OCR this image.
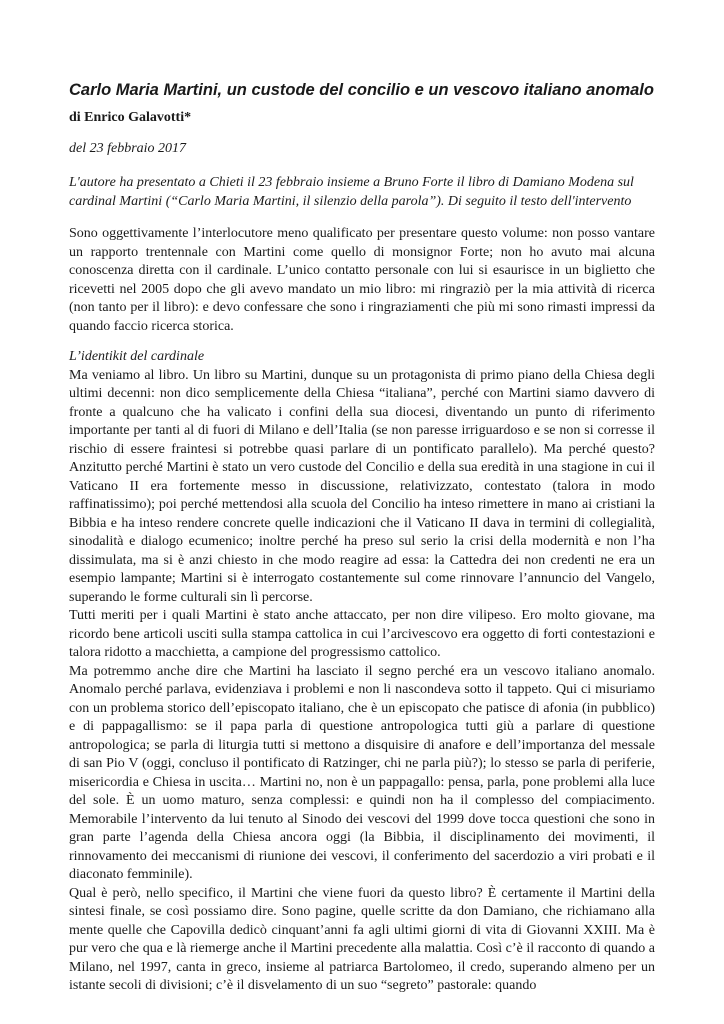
Carlo Maria Martini, un custode del concilio e un vescovo italiano anomalo
di Enrico Galavotti*
del 23 febbraio 2017

L'autore ha presentato a Chieti il 23 febbraio insieme a Bruno Forte il libro di Damiano Modena sul cardinal Martini (“Carlo Maria Martini, il silenzio della parola”). Di seguito il testo dell'intervento

Sono oggettivamente l’interlocutore meno qualificato per presentare questo volume: non posso vantare un rapporto trentennale con Martini come quello di monsignor Forte; non ho avuto mai alcuna conoscenza diretta con il cardinale. L’unico contatto personale con lui si esaurisce in un biglietto che ricevetti nel 2005 dopo che gli avevo mandato un mio libro: mi ringraziò per la mia attività di ricerca (non tanto per il libro): e devo confessare che sono i ringraziamenti che più mi sono rimasti impressi da quando faccio ricerca storica.

L’identikit del cardinale

Ma veniamo al libro. Un libro su Martini, dunque su un protagonista di primo piano della Chiesa degli ultimi decenni: non dico semplicemente della Chiesa “italiana”, perché con Martini siamo davvero di fronte a qualcuno che ha valicato i confini della sua diocesi, diventando un punto di riferimento importante per tanti al di fuori di Milano e dell’Italia (se non paresse irriguardoso e se non si corresse il rischio di essere fraintesi si potrebbe quasi parlare di un pontificato parallelo). Ma perché questo? Anzitutto perché Martini è stato un vero custode del Concilio e della sua eredità in una stagione in cui il Vaticano II era fortemente messo in discussione, relativizzato, contestato (talora in modo raffinatissimo); poi perché mettendosi alla scuola del Concilio ha inteso rimettere in mano ai cristiani la Bibbia e ha inteso rendere concrete quelle indicazioni che il Vaticano II dava in termini di collegialità, sinodalità e dialogo ecumenico; inoltre perché ha preso sul serio la crisi della modernità e non l’ha dissimulata, ma si è anzi chiesto in che modo reagire ad essa: la Cattedra dei non credenti ne era un esempio lampante; Martini si è interrogato costantemente sul come rinnovare l’annuncio del Vangelo, superando le forme culturali sin lì percorse.

Tutti meriti per i quali Martini è stato anche attaccato, per non dire vilipeso. Ero molto giovane, ma ricordo bene articoli usciti sulla stampa cattolica in cui l’arcivescovo era oggetto di forti contestazioni e talora ridotto a macchietta, a campione del progressismo cattolico.

Ma potremmo anche dire che Martini ha lasciato il segno perché era un vescovo italiano anomalo. Anomalo perché parlava, evidenziava i problemi e non li nascondeva sotto il tappeto. Qui ci misuriamo con un problema storico dell’episcopato italiano, che è un episcopato che patisce di afonia (in pubblico) e di pappagallismo: se il papa parla di questione antropologica tutti giù a parlare di questione antropologica; se parla di liturgia tutti si mettono a disquisire di anafore e dell’importanza del messale di san Pio V (oggi, concluso il pontificato di Ratzinger, chi ne parla più?); lo stesso se parla di periferie, misericordia e Chiesa in uscita… Martini no, non è un pappagallo: pensa, parla, pone problemi alla luce del sole. È un uomo maturo, senza complessi: e quindi non ha il complesso del compiacimento. Memorabile l’intervento da lui tenuto al Sinodo dei vescovi del 1999 dove tocca questioni che sono in gran parte l’agenda della Chiesa ancora oggi (la Bibbia, il disciplinamento dei movimenti, il rinnovamento dei meccanismi di riunione dei vescovi, il conferimento del sacerdozio a viri probati e il diaconato femminile).

Qual è però, nello specifico, il Martini che viene fuori da questo libro? È certamente il Martini della sintesi finale, se così possiamo dire. Sono pagine, quelle scritte da don Damiano, che richiamano alla mente quelle che Capovilla dedicò cinquant’anni fa agli ultimi giorni di vita di Giovanni XXIII. Ma è pur vero che qua e là riemerge anche il Martini precedente alla malattia. Così c’è il racconto di quando a Milano, nel 1997, canta in greco, insieme al patriarca Bartolomeo, il credo, superando almeno per un istante secoli di divisioni; c’è il disvelamento di un suo “segreto” pastorale: quando
